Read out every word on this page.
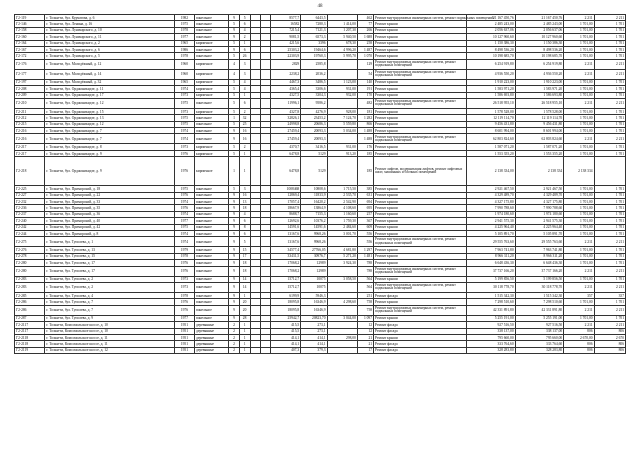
48
Г2-119	г. Тольятти, бул. Курчатова, д. 6	1982	панельное	9	5			8577,7	6443,5		462	Ремонт внутридомовых инженерных систем, ремонт подвальных помещений	21 167 450,76	21 167 450,76	2 211	2 211
Г2-146	г. Тольятти, бул. Ленина, д. 16	1975	панельное	5	6			16582	7280,3	1 414,00	77	Ремонт крыши	2 485 243,00	2 485 243,00	1 701,00	1 701
Г2-158	г. Тольятти, бул. Луначарского, д. 10	1978	панельное	9	4			7215,4	7121,3	1 207,30	266	Ремонт крыши	2 056 637,06	2 056 637,06	1 701,00	1 701
Г2-160	г. Тольятти, бул. Луначарского, д. 11	1977	панельное	9	2			9081,5	6573,3	5 940,50	1 688	Ремонт крыши	10 127 960,60	10 127 960,60	1 701,00	1 701
Г2-164	г. Тольятти, бул. Луначарского, д. 2	1965	кирпичное	5	1			4215,6	3396	678,30	258	Ремонт крыши	1 150 386,30	1 150 386,30	1 701,00	1 701
Г2-167	г. Тольятти, бул. Луначарского, д. 6	1986	панельное	9	6			25303,2	19464,6	4 996,20	1 487	Ремонт крыши	8 498 536,20	8 498 536,20	1 701,00	1 701
Г2-172	г. Тольятти, бул. Луначарского, д. 5	1978	панельное	5	26			22303,9	19760,3	5 995,70	1 070	Ремонт крыши	10 198 685,70	10 198 685,70	1 701,00	1 701
Г2-176	г. Тольятти, бул. Молодёжный, д. 12	1960	кирпичное	4	3			2829	2585,8		129	Ремонт внутридомовых инженерных систем, ремонт подвальных помещений	6 254 919,80	6 254 919,80	2 211	2 211
Г2-177	г. Тольятти, бул. Молодёжный, д. 14	1960	кирпичное	4	3			2238,2	2036,2		54	Ремонт внутридомовых инженерных систем, ремонт подвальных помещений	4 936 550,20	4 936 550,20	2 211	2 211
Г2-197	г. Тольятти, бул. Молодёжный, д. 32	1965	кирпичное	5	4			4467,3	3486,5	1 123,00	140	Ремонт крыши	1 910 223,00	1 910 223,00	1 701,00	1 701
Г2-208	г. Тольятти, бул. Орджоникидзе, д. 11	1974	кирпичное	5	4			4365,4	3306,6	931,00	191	Ремонт крыши	1 583 971,20	1 583 971,20	1 701,00	1 701
Г2-209	г. Тольятти, бул. Орджоникидзе, д. 17	1973	кирпичное	5	1			4327,5	3304,3	932,00	170	Ремонт крыши	1 586 693,80	1 586 693,80	1 701,00	1 701
Г2-210	г. Тольятти, бул. Орджоникидзе, д. 12	1975	панельное	5	6			11996,1	9586,2		482	Ремонт внутридомовых инженерных систем, ремонт подвальных помещений	26 518 955,10	26 518 955,10	2 211	2 211
Г2-211	г. Тольятти, бул. Орджоникидзе, д. 15	1973	кирпичное	5	2			4327,8	4276,9	928,00	181	Ремонт крыши	1 578 528,00	1 578 528,00	1 701,00	1 701
Г2-212	г. Тольятти, бул. Орджоникидзе, д. 13	1975	панельное	1	32			32826,1	23453,2	7 124,70	1 282	Ремонт крыши	12 119 114,70	12 119 114,70	1 701,00	1 701
Г2-215	г. Тольятти, бул. Орджоникидзе, д. 12	1975	панельное	5	25			24998,8	20686,3	5 559,80	866	Ремонт крыши	9 456 431,80	9 456 431,80	1 701,00	1 701
Г2-216	г. Тольятти, бул. Орджоникидзе, д. 7	1974	панельное	9	16			27459,4	20093,3	5 034,00	1 488	Ремонт крыши	8 601 994,00	8 601 994,00	1 701,00	1 701
Г2-216	г. Тольятти, бул. Орджоникидзе, д. 7	1974	панельное	9	16			27459,4	20093,3		1 488	Ремонт внутридомовых инженерных систем, ремонт подвальных помещений	62 803 824,60	62 803 824,60	2 211	2 211
Г2-217	г. Тольятти, бул. Орджоникидзе, д. 8	1973	кирпичное	5	2			4370,7	3416,5	931,00	176	Ремонт крыши	1 587 071,20	1 587 071,20	1 701,00	1 701
Г2-217	г. Тольятти, бул. Орджоникидзе, д. 9	1976	кирпичное	5	1			6478,8	5129	913,20	185	Ремонт крыши	1 553 355,20	1 553 355,20	1 701,00	1 701
Г2-218	г. Тольятти, бул. Орджоникидзе, д. 9	1976	кирпичное	1	1			6478,8	5129		185	Ремонт лифтов, модернизация лифтов, ремонт лифтовых шахт, машинных и блочных помещений	2 138 334,00	2 138 334	2 138 334	
Г2-225	г. Тольятти, бул. Приморский, д. 18	1975	панельное	5	3			1008468	10808,6	1 715,50	385	Ремонт крыши	2 921 467,50	2 921 467,50	1 701,00	1 701
Г2-227	г. Тольятти, бул. Приморский, д. 22	1976	панельное	9	16			12869,4	11833,9	2 535,70	631	Ремонт крыши	4 329 489,70	4 329 489,70	1 701,00	1 701
Г2-232	г. Тольятти, бул. Приморский, д. 33	1974	панельное	9	13			17057,4	16420,2	2 542,90	694	Ремонт крыши	4 327 175,80	4 327 175,80	1 701,00	1 701
Г2-236	г. Тольятти, бул. Приморский, д. 35	1976	панельное	9	18			18667,9	13864,9	4 108,60	695	Ремонт крыши	7 990 788,60	7 990 788,60	1 701,00	1 701
Г2-237	г. Тольятти, бул. Приморский, д. 36	1974	панельное	9	4			8688,7	7155,3	1 160,60	257	Ремонт крыши	1 974 180,60	1 974 180,60	1 701,00	1 701
Г2-240	г. Тольятти, бул. Приморский, д. 40	1977	панельное	9	6			12692,6	10376,2	1 759,30	367	Ремонт крыши	2 941 575,30	2 941 575,30	1 701,00	1 701
Г2-242	г. Тольятти, бул. Приморский, д. 42	1975	панельное	9	8			14591,6	14591,6	2 484,60	609	Ремонт крыши	4 225 964,40	4 225 964,40	1 701,00	1 701
Г2-244	г. Тольятти, бул. Приморский, д. 8	1974	панельное	9	6			13167,6	9968,26	3 001,70	556	Ремонт крыши	5 105 891,70	5 105 891,70	1 701,00	1 701
Г2-275	г. Тольятти, бул. Туполева, д. 1	1974	панельное	9	5			13167,6	9968,26		556	Ремонт внутридомовых инженерных систем, ремонт подвальных помещений	29 555 763,60	29 555 763,60	2 211	2 211
Г2-276	г. Тольятти, бул. Туполева, д. 13	1979	панельное	9	15			34577,4	27766,05	4 681,80	1 297	Ремонт крыши	7 963 741,80	7 963 741,80	1 701,00	1 701
Г2-278	г. Тольятти, бул. Туполева, д. 15	1978	панельное	9	17			33431,5	30976,7	5 271,20	1 481	Ремонт крыши	8 966 311,20	8 966 311,20	1 701,00	1 701
Г2-280	г. Тольятти, бул. Туполева, д. 17	1976	панельное	9	18			17068,2	12989	3 924,30	788	Ремонт крыши	6 648 436,30	6 648 436,30	1 701,00	1 701
Г2-280	г. Тольятти, бул. Туполева, д. 17	1976	панельное	9	18			17068,2	12989		788	Ремонт внутридомовых инженерных систем, ремонт подвальных помещений	37 737 166,20	37 737 166,20	2 211	2 211
Г2-283	г. Тольятти, бул. Туполева, д. 2	1973	панельное	9	14			15712,7	10075	3 058,50	564	Ремонт крыши	5 199 856,50	5 199 856,50	1 701,00	1 701
Г2-283	г. Тольятти, бул. Туполева, д. 2	1973	панельное	9	14			15712,7	10075		564	Ремонт внутридомовых инженерных систем, ремонт подвальных помещений	30 118 778,70	30 118 778,70	2 211	2 211
Г2-285	г. Тольятти, бул. Туполева, д. 4	1978	панельное	9	1			6199,9	5946,3		251	Ремонт фасада	1 515 342,30	1 515 342,30	357	357
Г2-286	г. Тольятти, бул. Туполева, д. 7	1976	панельное	9	20			18095,8	16346,9	4 298,60	758	Ремонт крыши	7 298 510,60	7 298 510,60	1 701,00	1 701
Г2-286	г. Тольятти, бул. Туполева, д. 7	1976	панельное	9	20			18095,8	16346,9		758	Ремонт внутридомовых инженерных систем, ремонт подвальных помещений	42 331 891,80	42 331 891,80	2 211	2 211
Г2-287	г. Тольятти, бул. Туполева, д. 9	1977	панельное	9	28			25942,7	20823,70	3 044,00	1 097	Ремонт крыши	5 255 191,00	5 255 191,00	1 701,00	1 701
Г2-2117	г. Тольятти, Комсомольское шоссе, д. 10	1951	деревянные	2	1			415,5	273,1		12	Ремонт фасада	927 516,50	927 516,50	2 211	2 211
Г2-2117	г. Тольятти, Комсомольское шоссе, д. 10	1951	деревянные	2	1			415,5	273,1		12	Ремонт фасада	338 137,00	338 137,00	806	806
Г2-2118	г. Тольятти, Комсомольское шоссе, д. 11	1951	деревянные	2	1			414,1	414,1	298,00	21	Ремонт крыши	795 660,00	795 660,00	2 670,00	2 670
Г2-2118	г. Тольятти, Комсомольское шоссе, д. 11	1951	деревянные	2	1			414,1	414,1		21	Ремонт фасада	333 764,60	333 764,60	806	806
Г2-2119	г. Тольятти, Комсомольское шоссе, д. 12	1951	деревянные	2	1			407,3	379,3		17	Ремонт фасада	328 283,80	328 283,80	806	806
